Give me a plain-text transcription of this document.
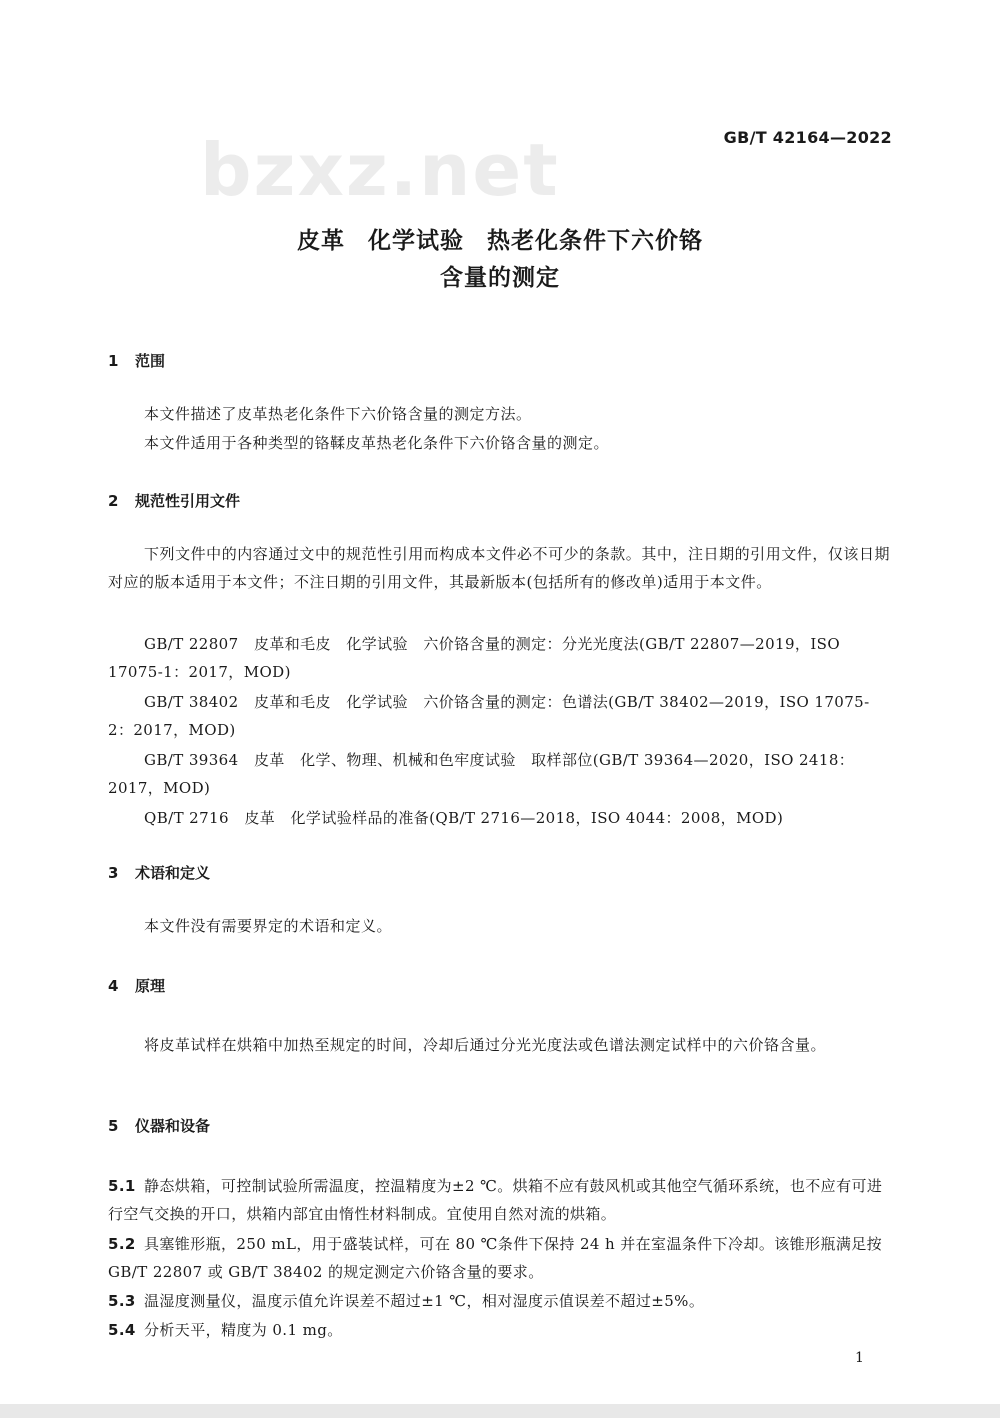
bzxz.net	GB/T 42164—2022
皮革 化学试验 热老化条件下六价铬
含量的测定
1 范围
本文件描述了皮革热老化条件下六价铬含量的测定方法。
本文件适用于各种类型的铬鞣皮革热老化条件下六价铬含量的测定。
2 规范性引用文件
下列文件中的内容通过文中的规范性引用而构成本文件必不可少的条款。其中，注日期的引用文件，仅该日期对应的版本适用于本文件；不注日期的引用文件，其最新版本(包括所有的修改单)适用于本文件。
GB/T 22807　皮革和毛皮　化学试验　六价铬含量的测定：分光光度法(GB/T 22807—2019，ISO 17075-1：2017，MOD)
GB/T 38402　皮革和毛皮　化学试验　六价铬含量的测定：色谱法(GB/T 38402—2019，ISO 17075-2：2017，MOD)
GB/T 39364　皮革　化学、物理、机械和色牢度试验　取样部位(GB/T 39364—2020，ISO 2418：2017，MOD)
QB/T 2716　皮革　化学试验样品的准备(QB/T 2716—2018，ISO 4044：2008，MOD)
3 术语和定义
本文件没有需要界定的术语和定义。
4 原理
将皮革试样在烘箱中加热至规定的时间，冷却后通过分光光度法或色谱法测定试样中的六价铬含量。
5 仪器和设备
5.1 静态烘箱，可控制试验所需温度，控温精度为±2 ℃。烘箱不应有鼓风机或其他空气循环系统，也不应有可进行空气交换的开口，烘箱内部宜由惰性材料制成。宜使用自然对流的烘箱。
5.2 具塞锥形瓶，250 mL，用于盛装试样，可在 80 ℃条件下保持 24 h 并在室温条件下冷却。该锥形瓶满足按 GB/T 22807 或 GB/T 38402 的规定测定六价铬含量的要求。
5.3 温湿度测量仪，温度示值允许误差不超过±1 ℃，相对湿度示值误差不超过±5%。
5.4 分析天平，精度为 0.1 mg。
1
